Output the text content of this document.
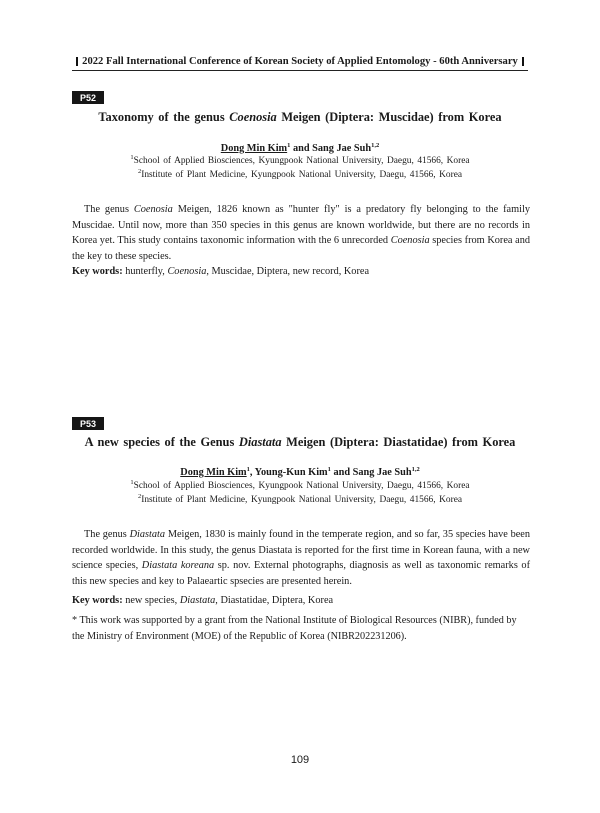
2022 Fall International Conference of Korean Society of Applied Entomology - 60th Anniversary
P52
Taxonomy of the genus Coenosia Meigen (Diptera: Muscidae) from Korea
Dong Min Kim$^1$ and Sang Jae Suh$^{1,2}$
$^1$School of Applied Biosciences, Kyungpook National University, Daegu, 41566, Korea
$^2$Institute of Plant Medicine, Kyungpook National University, Daegu, 41566, Korea

The genus Coenosia Meigen, 1826 known as "hunter fly" is a predatory fly belonging to the family Muscidae. Until now, more than 350 species in this genus are known worldwide, but there are no records in Korea yet. This study contains taxonomic information with the 6 unrecorded Coenosia species from Korea and the key to these species.

Key words: hunterfly, Coenosia, Muscidae, Diptera, new record, Korea
P53
A new species of the Genus Diastata Meigen (Diptera: Diastatidae) from Korea
Dong Min Kim$^1$, Young-Kun Kim$^1$ and Sang Jae Suh$^{1,2}$
$^1$School of Applied Biosciences, Kyungpook National University, Daegu, 41566, Korea
$^2$Institute of Plant Medicine, Kyungpook National University, Daegu, 41566, Korea

The genus Diastata Meigen, 1830 is mainly found in the temperate region, and so far, 35 species have been recorded worldwide. In this study, the genus Diastata is reported for the first time in Korean fauna, with a new science species, Diastata koreana sp. nov. External photographs, diagnosis as well as taxonomic remarks of this new species and key to Palaeartic spsecies are presented herein.

Key words: new species, Diastata, Diastatidae, Diptera, Korea

* This work was supported by a grant from the National Institute of Biological Resources (NIBR), funded by the Ministry of Environment (MOE) of the Republic of Korea (NIBR202231206).

109
